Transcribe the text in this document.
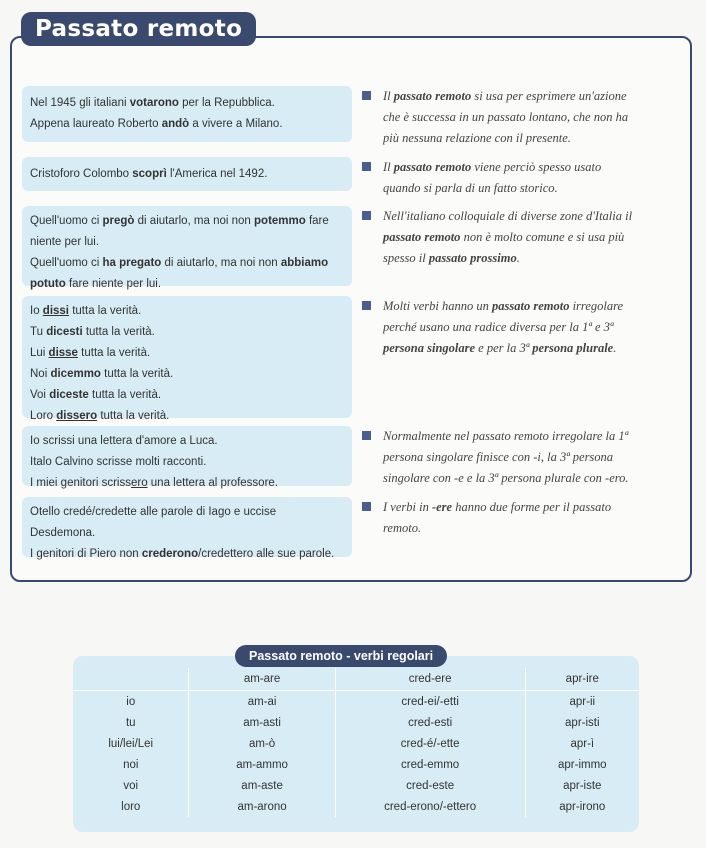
Passato remoto
Nel 1945 gli italiani votarono per la Repubblica.
Appena laureato Roberto andò a vivere a Milano.
Il passato remoto si usa per esprimere un'azione
che è successa in un passato lontano, che non ha
più nessuna relazione con il presente.
Cristoforo Colombo scoprì l'America nel 1492.	Il passato remoto viene perciò spesso usato
quando si parla di un fatto storico.
Quell'uomo ci pregò di aiutarlo, ma noi non potemmo fare
niente per lui.
Quell'uomo ci ha pregato di aiutarlo, ma noi non abbiamo
potuto fare niente per lui.
Nell'italiano colloquiale di diverse zone d'Italia il
passato remoto non è molto comune e si usa più
spesso il passato prossimo.
Io dissi tutta la verità.
Tu dicesti tutta la verità.
Lui disse tutta la verità.
Noi dicemmo tutta la verità.
Voi diceste tutta la verità.
Loro dissero tutta la verità.
Molti verbi hanno un passato remoto irregolare
perché usano una radice diversa per la 1ª e 3ª
persona singolare e per la 3ª persona plurale.
Io scrissi una lettera d'amore a Luca.
Italo Calvino scrisse molti racconti.
I miei genitori scrissero una lettera al professore.
Normalmente nel passato remoto irregolare la 1ª
persona singolare finisce con -i, la 3ª persona
singolare con -e e la 3ª persona plurale con -ero.
Otello credé/credette alle parole di Iago e uccise
Desdemona.
I genitori di Piero non crederono/credettero alle sue parole.
I verbi in -ere hanno due forme per il passato
remoto.
Passato remoto - verbi regolari
	am-are	cred-ere	apr-ire
io	am-ai	cred-ei/-etti	apr-ii
tu	am-asti	cred-esti	apr-isti
lui/lei/Lei	am-ò	cred-é/-ette	apr-ì
noi	am-ammo	cred-emmo	apr-immo
voi	am-aste	cred-este	apr-iste
loro	am-arono	cred-erono/-ettero	apr-irono
